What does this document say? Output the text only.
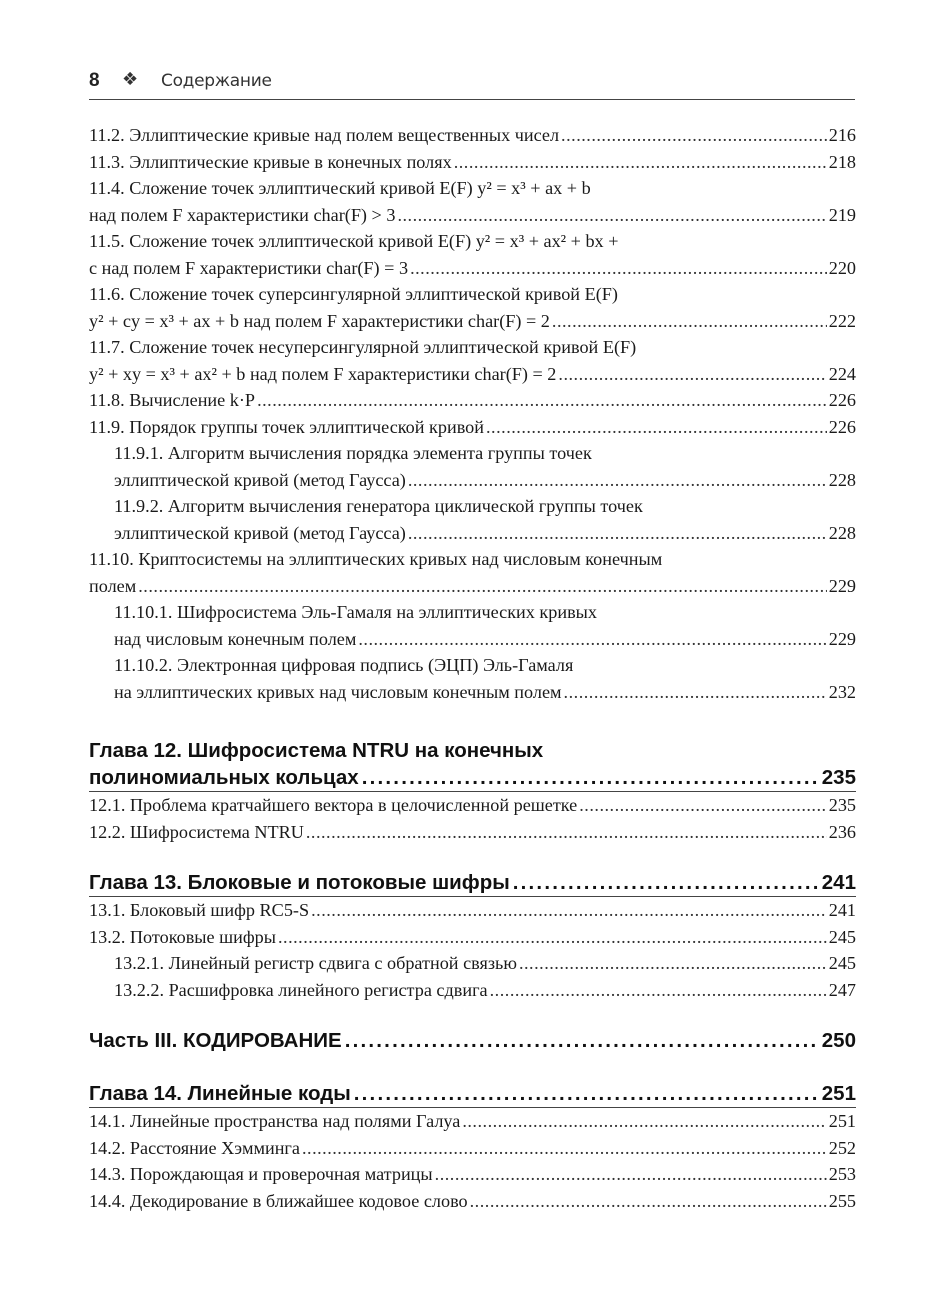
8 ❖ Содержание
11.2. Эллиптические кривые над полем вещественных чисел .....	216
11.3. Эллиптические кривые в конечных полях .....	218
11.4. Сложение точек эллиптический кривой E(F) y² = x³ + ax + b
над полем F характеристики char(F) > 3 .....	219
11.5. Сложение точек эллиптической кривой E(F) y² = x³ + ax² + bx +
c над полем F характеристики char(F) = 3 .....	220
11.6. Сложение точек суперсингулярной эллиптической кривой E(F)
y² + cy = x³ + ax + b над полем F характеристики char(F) = 2 .....	222
11.7. Сложение точек несуперсингулярной эллиптической кривой E(F)
y² + xy = x³ + ax² + b над полем F характеристики char(F) = 2 .....	224
11.8. Вычисление k·P .....	226
11.9. Порядок группы точек эллиптической кривой .....	226
11.9.1. Алгоритм вычисления порядка элемента группы точек
эллиптической кривой (метод Гаусса) .....	228
11.9.2. Алгоритм вычисления генератора циклической группы точек
эллиптической кривой (метод Гаусса) .....	228
11.10. Криптосистемы на эллиптических кривых над числовым конечным
полем .....	229
11.10.1. Шифросистема Эль-Гамаля на эллиптических кривых
над числовым конечным полем .....	229
11.10.2. Электронная цифровая подпись (ЭЦП) Эль-Гамаля
на эллиптических кривых над числовым конечным полем .....	232
Глава 12. Шифросистема NTRU на конечных
полиномиальных кольцах .....	235
12.1. Проблема кратчайшего вектора в целочисленной решетке .....	235
12.2. Шифросистема NTRU .....	236
Глава 13. Блоковые и потоковые шифры .....	241
13.1. Блоковый шифр RC5-S .....	241
13.2. Потоковые шифры .....	245
13.2.1. Линейный регистр сдвига с обратной связью .....	245
13.2.2. Расшифровка линейного регистра сдвига .....	247
Часть III. КОДИРОВАНИЕ .....	250
Глава 14. Линейные коды .....	251
14.1. Линейные пространства над полями Галуа .....	251
14.2. Расстояние Хэмминга .....	252
14.3. Порождающая и проверочная матрицы .....	253
14.4. Декодирование в ближайшее кодовое слово .....	255
